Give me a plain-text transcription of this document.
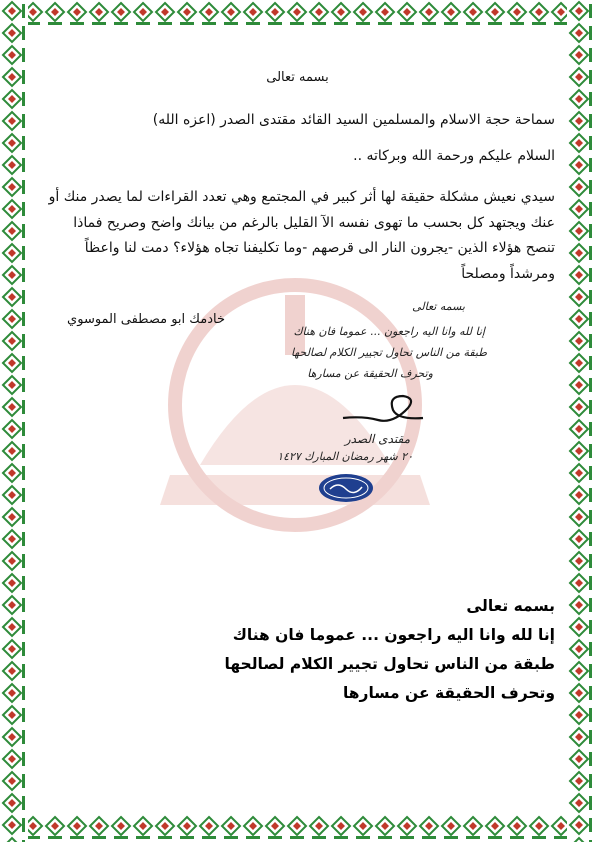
بسمه تعالى
سماحة حجة الاسلام والمسلمين السيد القائد مقتدى الصدر (اعزه الله)
السلام عليكم ورحمة الله وبركاته ..
سيدي نعيش مشكلة حقيقة لها أثر كبير في المجتمع وهي تعدد القراءات لما يصدر منك أو عنك ويجتهد كل بحسب ما تهوى نفسه الآ القليل بالرغم من بيانك واضح وصريح فماذا تنصح هؤلاء الذين -يجرون النار الى قرصهم -وما تكليفنا تجاه هؤلاء؟ دمت لنا واعظاً ومرشداً ومصلحاً
خادمك ابو مصطفى الموسوي
بسمه تعالى
إنا لله وانا اليه راجعون ... عموما فان هناك
طبقة من الناس تحاول تجيير الكلام لصالحها
وتحرف الحقيقة عن مسارها
مقتدى الصدر
٢٠ شهر رمضان المبارك ١٤٢٧
بسمه تعالى
إنا لله وانا اليه راجعون ... عموما فان هناك
طبقة من الناس تحاول تجيير الكلام لصالحها
وتحرف الحقيقة عن مسارها
